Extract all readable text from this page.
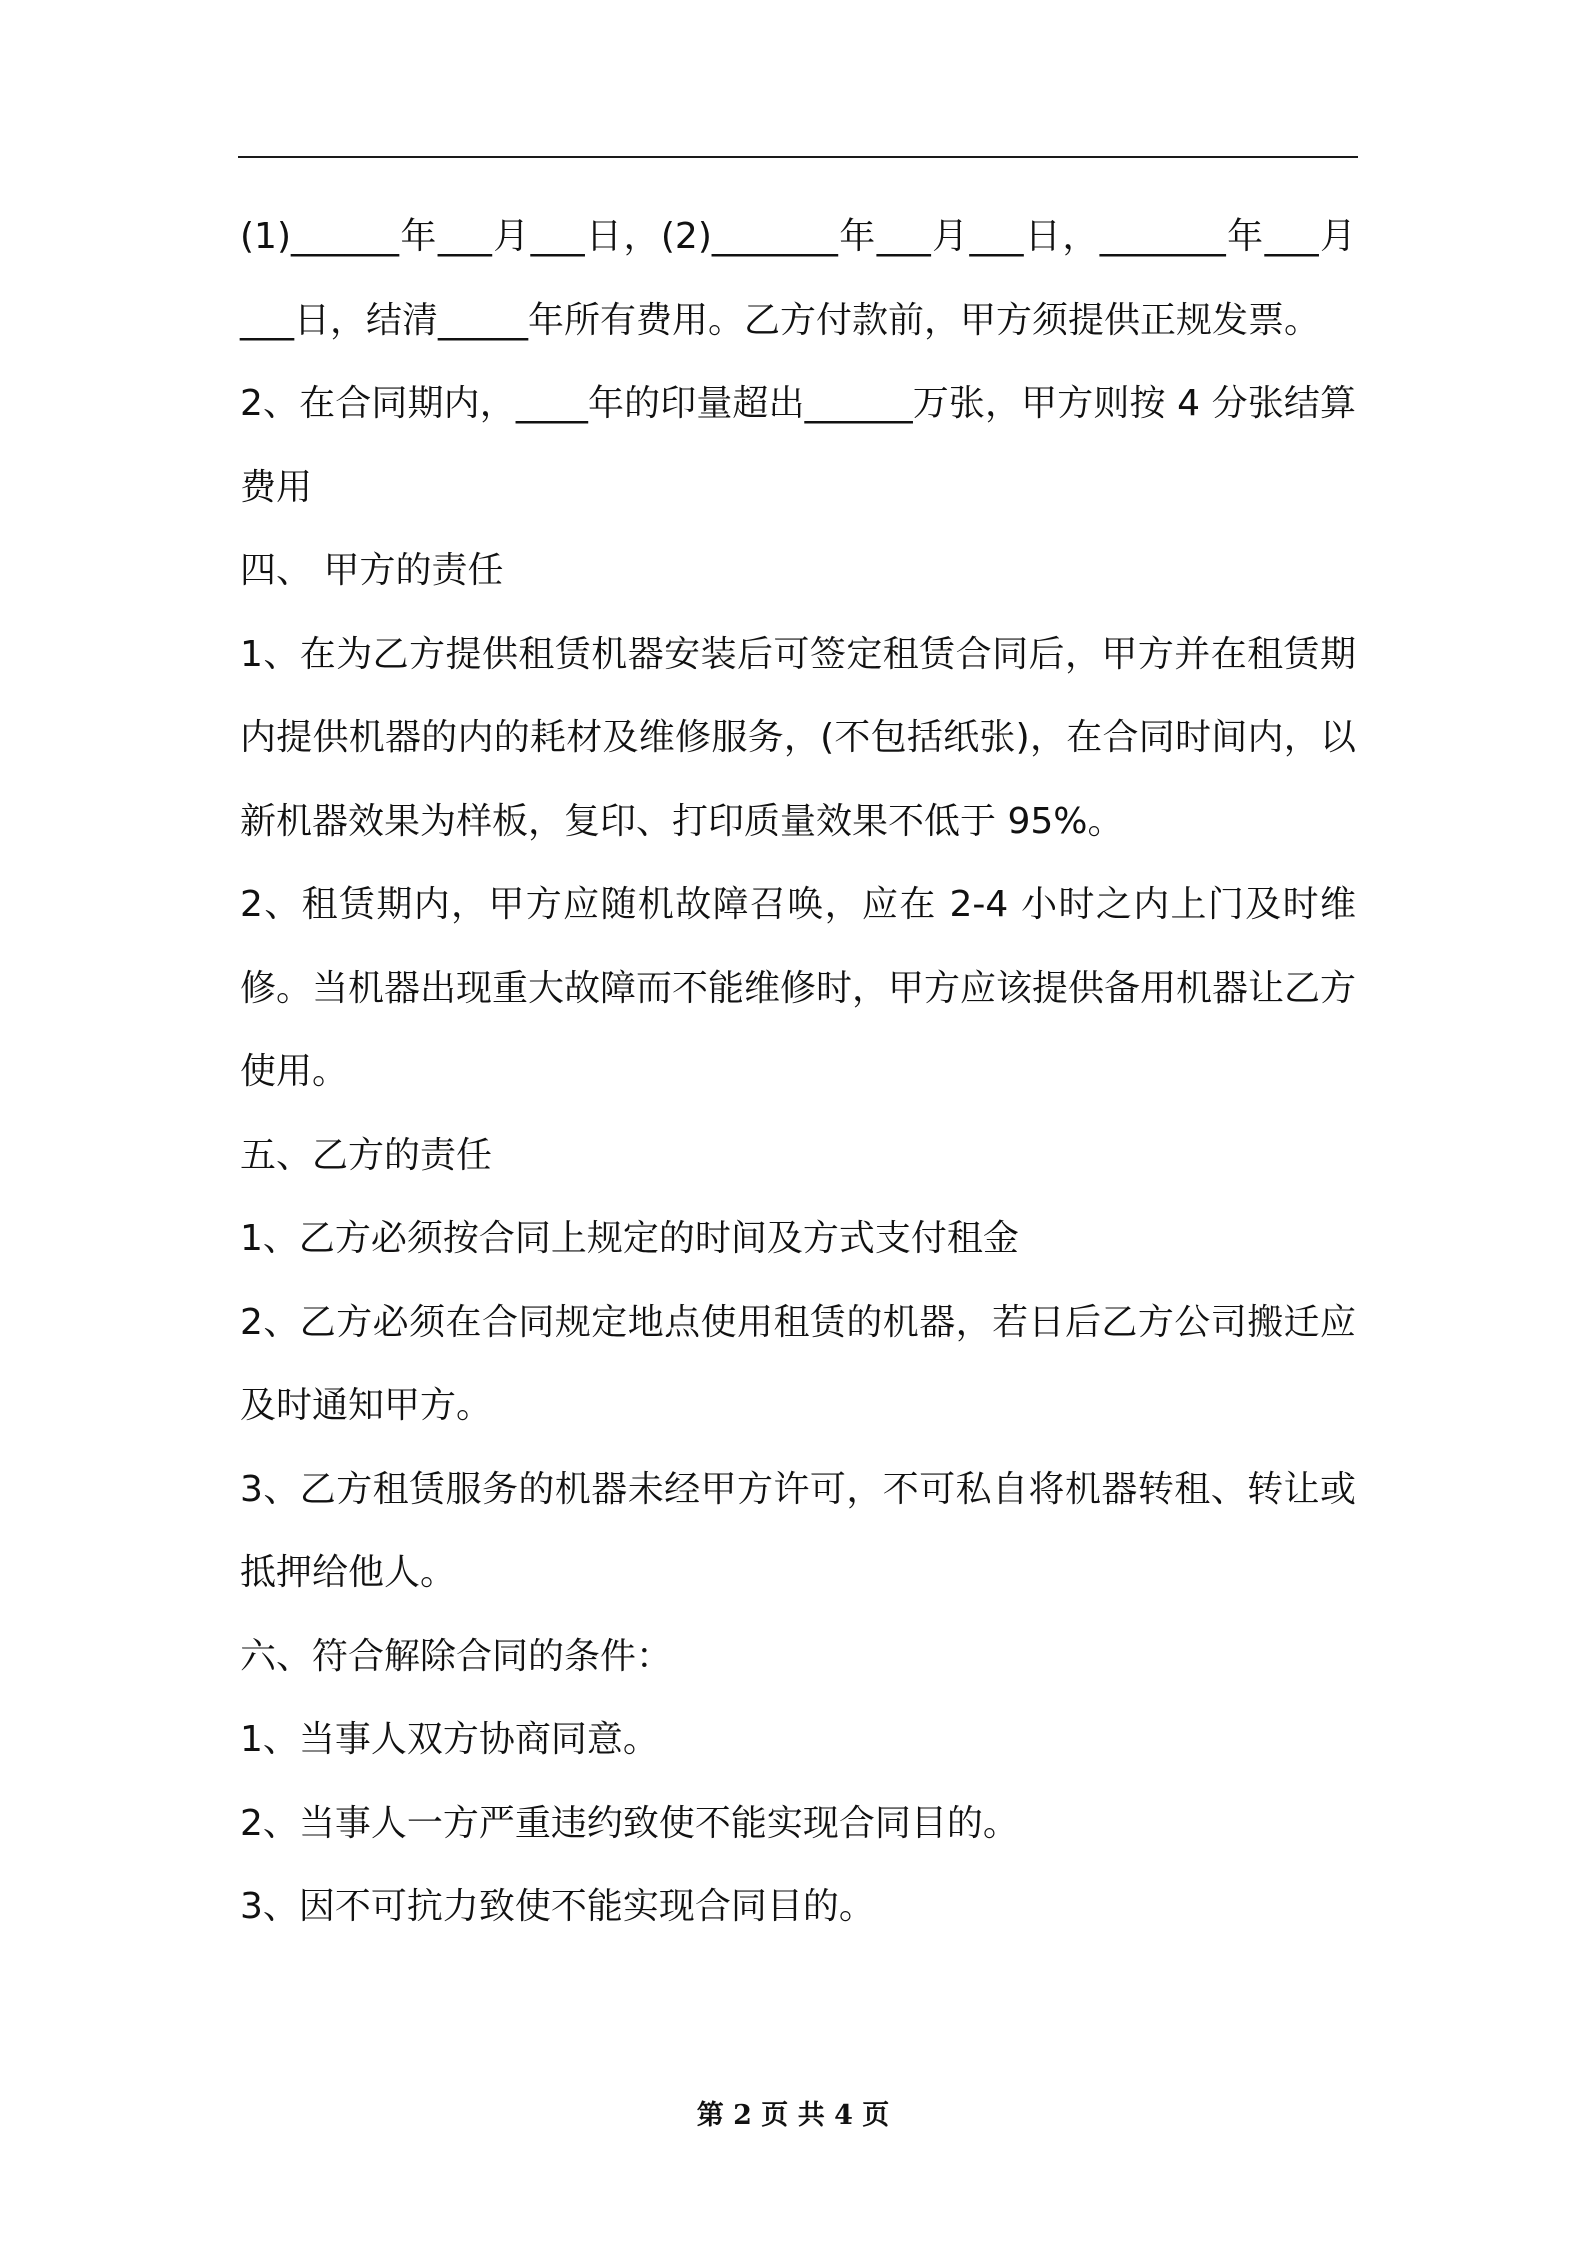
(1)______年___月___日，(2)_______年___月___日，_______年___月___日，结清_____年所有费用。乙方付款前，甲方须提供正规发票。

2、在合同期内，____年的印量超出______万张，甲方则按 4 分张结算费用

四、 甲方的责任

1、在为乙方提供租赁机器安装后可签定租赁合同后，甲方并在租赁期内提供机器的内的耗材及维修服务，(不包括纸张)，在合同时间内，以新机器效果为样板，复印、打印质量效果不低于 95%。

2、租赁期内，甲方应随机故障召唤，应在 2-4 小时之内上门及时维修。当机器出现重大故障而不能维修时，甲方应该提供备用机器让乙方使用。

五、乙方的责任

1、乙方必须按合同上规定的时间及方式支付租金

2、乙方必须在合同规定地点使用租赁的机器，若日后乙方公司搬迁应及时通知甲方。

3、乙方租赁服务的机器未经甲方许可，不可私自将机器转租、转让或抵押给他人。

六、符合解除合同的条件：

1、当事人双方协商同意。

2、当事人一方严重违约致使不能实现合同目的。

3、因不可抗力致使不能实现合同目的。

第 2 页 共 4 页
